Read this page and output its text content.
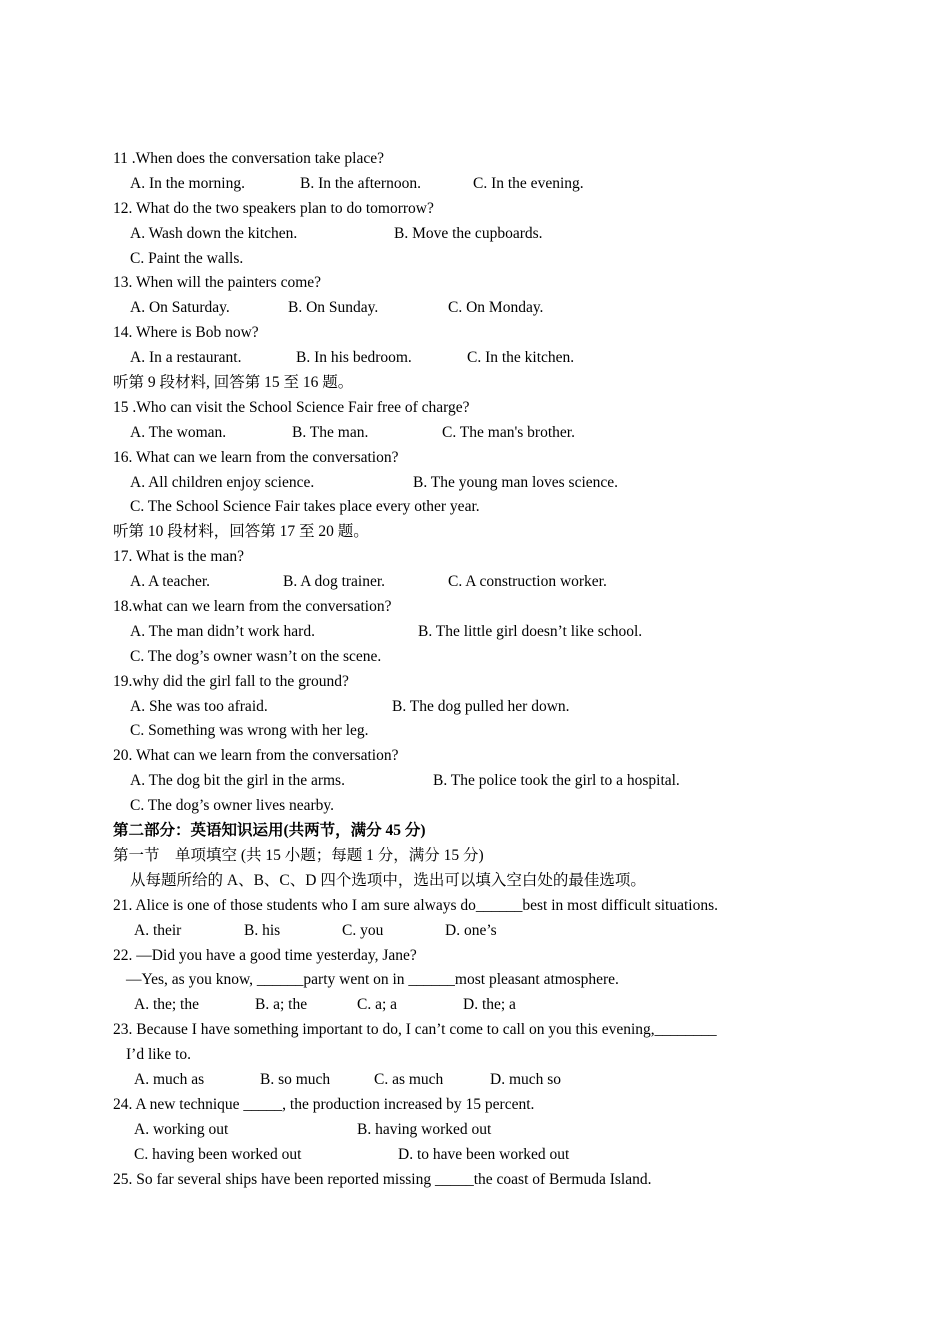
11 .When does the conversation take place?

A. In the morning.

	B. In the afternoon.

	C. In the evening.

12. What do the two speakers plan to do tomorrow?

A. Wash down the kitchen.

	B. Move the cupboards.

C. Paint the walls.

13. When will the painters come?

A. On Saturday.

	B. On Sunday.

	C. On Monday.

14. Where is Bob now?

A. In a restaurant.

	B. In his bedroom.

	C. In the kitchen.

听第 9 段材料, 回答第 15 至 16 题。
15 .Who can visit the School Science Fair free of charge?

A. The woman.

	B. The man.

	C. The man's brother.

16. What can we learn from the conversation?

A. All children enjoy science.

	B. The young man loves science.

C. The School Science Fair takes place every other year.

听第 10 段材料，回答第 17 至 20 题。
17. What is the man?

A. A teacher.

	B. A dog trainer.

	C. A construction worker.

18.what can we learn from the conversation?

A. The man didn’t work hard.

	B. The little girl doesn’t like school.

C. The dog’s owner wasn’t on the scene.

19.why did the girl fall to the ground?

A. She was too afraid.

	B. The dog pulled her down.

C. Something was wrong with her leg.

20. What can we learn from the conversation?

A. The dog bit the girl in the arms.

	B. The police took the girl to a hospital.

C. The dog’s owner lives nearby.

第二部分：英语知识运用(共两节，满分 45 分)
第一节　单项填空 (共 15 小题；每题 1 分，满分 15 分)
从每题所给的 A、B、C、D 四个选项中，选出可以填入空白处的最佳选项。
21. Alice is one of those students who I am sure always do______best in most difficult situations.

A. their

	B. his

	C. you

	D. one’s

22. —Did you have a good time yesterday, Jane?
—Yes, as you know, ______party went on in ______most pleasant atmosphere.

A. the; the

	B. a; the

	C. a; a

	D. the; a

23. Because I have something important to do, I can’t come to call on you this evening,________
I’d like to.

A. much as

	B. so much

	C. as much

	D. much so

24. A new technique _____, the production increased by 15 percent.

A. working out

	B. having worked out

C. having been worked out

	D. to have been worked out

25. So far several ships have been reported missing _____the coast of Bermuda Island.
